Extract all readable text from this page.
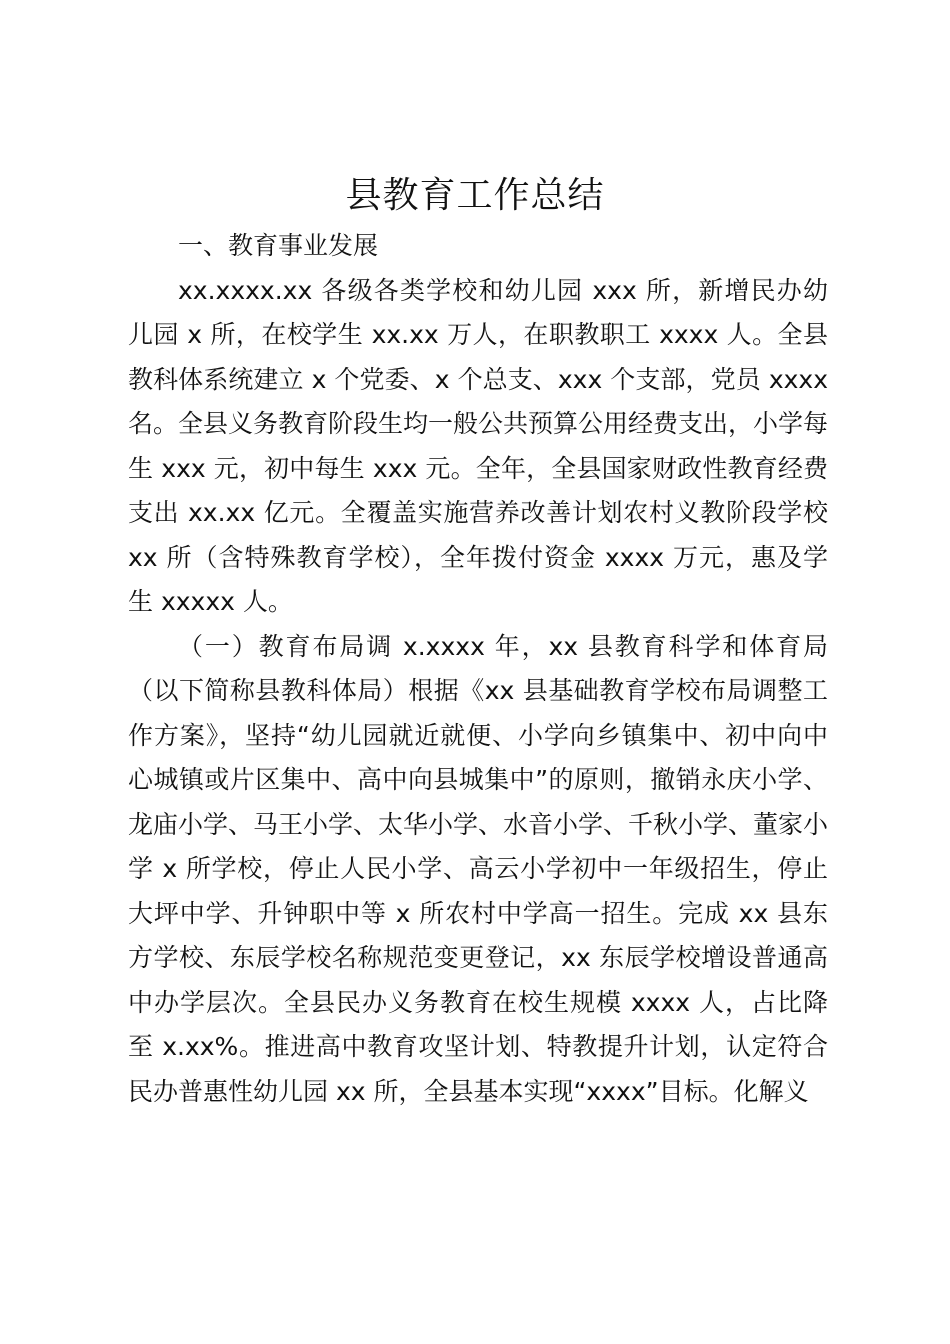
县教育工作总结

一、教育事业发展

xx.xxxx.xx 各级各类学校和幼儿园 xxx 所，新增民办幼儿园 x 所，在校学生 xx.xx 万人，在职教职工 xxxx 人。全县教科体系统建立 x 个党委、x 个总支、xxx 个支部，党员 xxxx 名。全县义务教育阶段生均一般公共预算公用经费支出，小学每生 xxx 元，初中每生 xxx 元。全年，全县国家财政性教育经费支出 xx.xx 亿元。全覆盖实施营养改善计划农村义教阶段学校 xx 所（含特殊教育学校），全年拨付资金 xxxx 万元，惠及学生 xxxxx 人。

（一）教育布局调 x.xxxx 年，xx 县教育科学和体育局（以下简称县教科体局）根据《xx 县基础教育学校布局调整工作方案》，坚持“幼儿园就近就便、小学向乡镇集中、初中向中心城镇或片区集中、高中向县城集中”的原则，撤销永庆小学、龙庙小学、马王小学、太华小学、水音小学、千秋小学、董家小学 x 所学校，停止人民小学、高云小学初中一年级招生，停止大坪中学、升钟职中等 x 所农村中学高一招生。完成 xx 县东方学校、东辰学校名称规范变更登记，xx 东辰学校增设普通高中办学层次。全县民办义务教育在校生规模 xxxx 人，占比降至 x.xx%。推进高中教育攻坚计划、特教提升计划，认定符合民办普惠性幼儿园 xx 所，全县基本实现“xxxx”目标。化解义
